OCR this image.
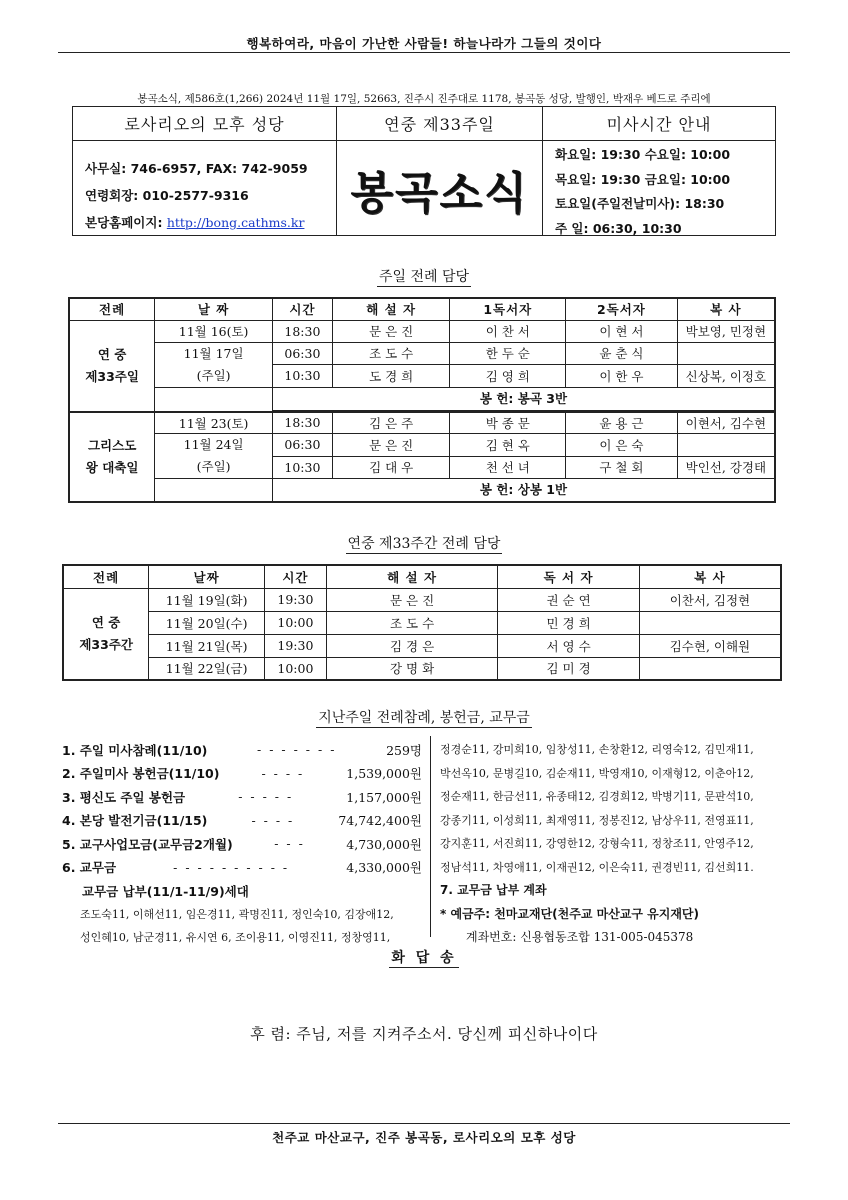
행복하여라, 마음이 가난한 사람들! 하늘나라가 그들의 것이다
봉곡소식, 제586호(1,266) 2024년 11월 17일, 52663, 진주시 진주대로 1178, 봉곡동 성당, 발행인, 박재우 베드로 주리에
로사리오의 모후 성당
사무실: 746-6957, FAX: 742-9059
연령회장: 010-2577-9316
본당홈페이지: http://bong.cathms.kr
연중 제33주일
봉곡소식
미사시간 안내
화요일: 19:30 수요일: 10:00
목요일: 19:30 금요일: 10:00
토요일(주일전날미사): 18:30
주 일: 06:30, 10:30
주일 전례 담당
전례	날 짜	시간	해 설 자	1독서자	2독서자	복 사
연 중
제33주일	11월 16(토)	18:30	문 은 진	이 찬 서	이 현 서	박보영, 민정현
	11월 17일
(주일)	06:30	조 도 수	한 두 순	윤 춘 식	
		10:30	도 경 희	김 영 희	이 한 우	신상복, 이정호
		봉 헌: 봉곡 3반				

그리스도
왕 대축일	11월 23(토)	18:30	김 은 주	박 종 문	윤 용 근	이현서, 김수현
	11월 24일
(주일)	06:30	문 은 진	김 현 옥	이 은 숙	
		10:30	김 대 우	천 선 녀	구 철 회	박인선, 강경태
		봉 헌: 상봉 1반				
연중 제33주간 전례 담당
전례	날짜	시간	해 설 자	독 서 자	복 사
연 중
제33주간	11월 19일(화)	19:30	문 은 진	권 순 연	이찬서, 김정현
	11월 20일(수)	10:00	조 도 수	민 경 희	
	11월 21일(목)	19:30	김 경 은	서 영 수	김수현, 이해원
	11월 22일(금)	10:00	강 명 화	김 미 경	
지난주일 전례참례, 봉헌금, 교무금
1. 주일 미사참례(11/10)	- - - - - - -	259명
2. 주일미사 봉헌금(11/10)	- - - -	1,539,000원
3. 평신도 주일 봉헌금	- - - - -	1,157,000원
4. 본당 발전기금(11/15)	- - - -	74,742,400원
5. 교구사업모금(교무금2개월)	- - -	4,730,000원
6. 교무금	- - - - - - - - - -	4,330,000원
교무금 납부(11/1-11/9)세대
조도숙11, 이해선11, 임은경11, 곽명진11, 정인숙10, 김장애12,
성인혜10, 남군경11, 유시연 6, 조이용11, 이영진11, 정창영11,
정경순11, 강미희10, 임창성11, 손창환12, 리영숙12, 김민재11,
박선옥10, 문병길10, 김순재11, 박영재10, 이재형12, 이춘아12,
정순재11, 한금선11, 유종태12, 김경희12, 박병기11, 문판석10,
강종기11, 이성희11, 최재영11, 정봉진12, 남상우11, 전영표11,
강지훈11, 서진희11, 강영한12, 강형숙11, 정창조11, 안영주12,
정남석11, 차영애11, 이재권12, 이은숙11, 권경빈11, 김선희11.
7. 교무금 납부 계좌
* 예금주: 천마교재단(천주교 마산교구 유지재단)
계좌번호: 신용협동조합 131-005-045378
화 답 송
후 렴: 주님, 저를 지켜주소서. 당신께 피신하나이다
천주교 마산교구, 진주 봉곡동, 로사리오의 모후 성당
